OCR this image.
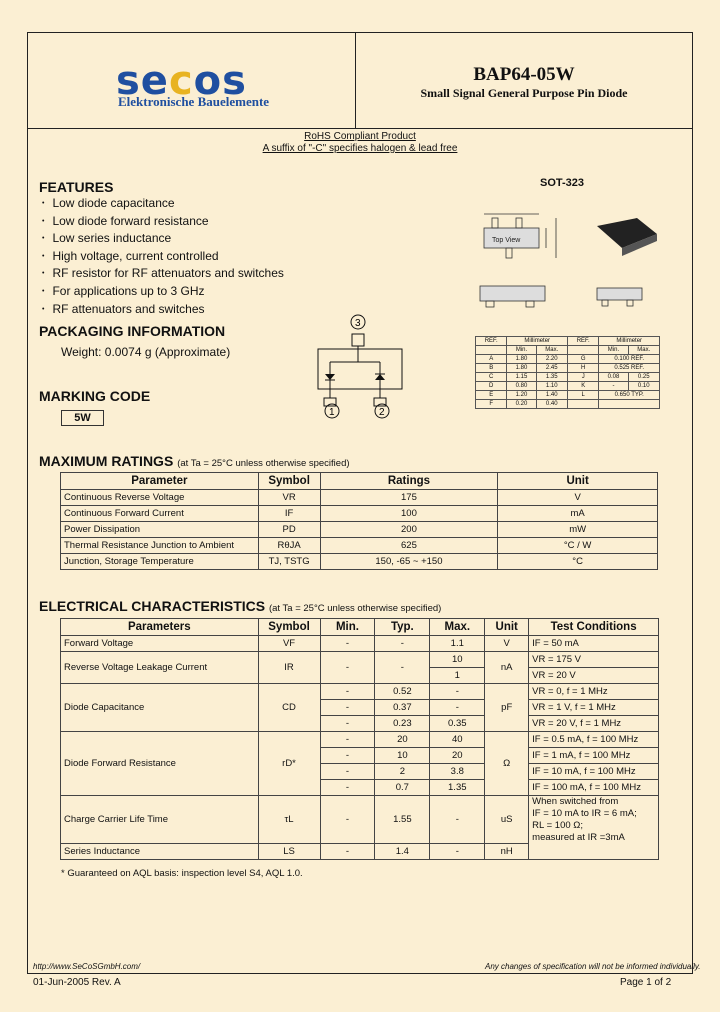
secos
Elektronische Bauelemente
BAP64-05W
Small Signal General Purpose Pin Diode
RoHS Compliant Product
A suffix of "-C" specifies halogen & lead free
FEATURES
• Low diode capacitance
• Low diode forward resistance
• Low series inductance
• High voltage, current controlled
• RF resistor for RF attenuators and switches
• For applications up to 3 GHz
• RF attenuators and switches
PACKAGING INFORMATION
Weight: 0.0074 g (Approximate)
MARKING CODE
5W
3
1	2
SOT-323
Top View
REF.	Millimeter		REF.	Millimeter	
	Min.	Max.		Min.	Max.
A	1.80	2.20	G	0.100 REF.	
B	1.80	2.45	H	0.525 REF.	
C	1.15	1.35	J	0.08	0.25
D	0.80	1.10	K	-	0.10
E	1.20	1.40	L	0.650 TYP.	
F	0.20	0.40			
MAXIMUM RATINGS (at Ta = 25°C unless otherwise specified)
Parameter	Symbol	Ratings	Unit
Continuous Reverse Voltage	VR	175	V
Continuous Forward Current	IF	100	mA
Power Dissipation	PD	200	mW
Thermal Resistance Junction to Ambient	RθJA	625	°C / W
Junction, Storage Temperature	TJ, TSTG	150, -65 ~ +150	°C
ELECTRICAL CHARACTERISTICS (at Ta = 25°C unless otherwise specified)
Parameters	Symbol	Min.	Typ.	Max.	Unit	Test Conditions
Forward Voltage	VF	-	-	1.1	V	IF = 50 mA
Reverse Voltage Leakage Current	IR	-	-	10	nA	VR = 175 V
				1		VR = 20 V
Diode Capacitance	CD	-	0.52	-	pF	VR = 0, f = 1 MHz
		-	0.37	-		VR = 1 V, f = 1 MHz
		-	0.23	0.35		VR = 20 V, f = 1 MHz
Diode Forward Resistance	rD*	-	20	40	Ω	IF = 0.5 mA, f = 100 MHz
		-	10	20		IF = 1 mA, f = 100 MHz
		-	2	3.8		IF = 10 mA, f = 100 MHz
		-	0.7	1.35		IF = 100 mA, f = 100 MHz
Charge Carrier Life Time	τL	-	1.55	-	uS	When switched from
IF = 10 mA to IR = 6 mA;
RL = 100 Ω;
measured at IR =3mA

Series Inductance	LS	-	1.4	-	nH	
* Guaranteed on AQL basis: inspection level S4, AQL 1.0.
http://www.SeCoSGmbH.com/	Any changes of specification will not be informed individually.
01-Jun-2005 Rev. A	Page 1 of 2
